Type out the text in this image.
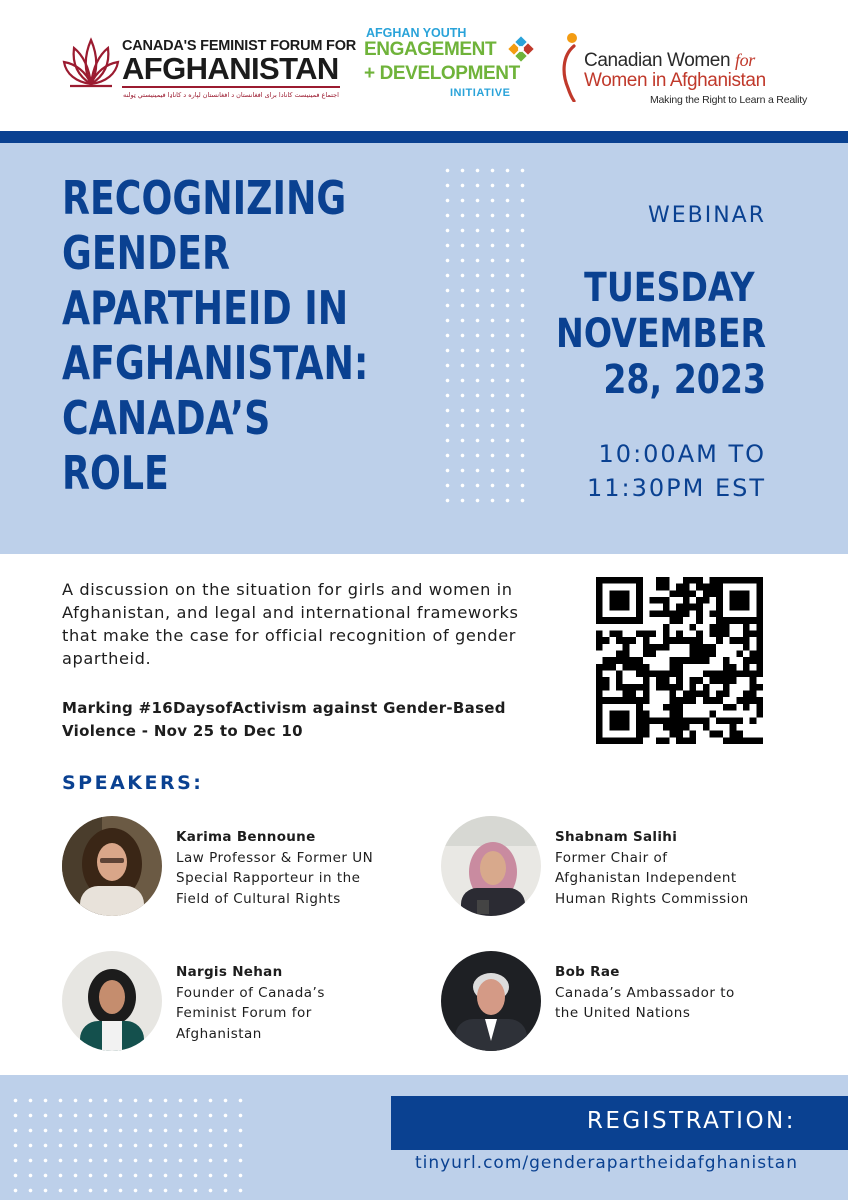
CANADA'S FEMINIST FORUM FOR
AFGHANISTAN
اجتماع فمینیست کانادا برای افغانستان د افغانستان لپاره د کاناډا فیمینیستي ټولنه
AFGHAN YOUTH
ENGAGEMENT
+ DEVELOPMENT
INITIATIVE
Canadian Women for
Women in Afghanistan
Making the Right to Learn a Reality
RECOGNIZING
GENDER
APARTHEID IN
AFGHANISTAN:
CANADA’S
ROLE
WEBINAR
TUESDAY
NOVEMBER
28, 2023
10:00AM TO
11:30PM EST

A discussion on the situation for girls and women in Afghanistan, and legal and international frameworks that make the case for official recognition of gender apartheid.

Marking #16DaysofActivism against Gender-Based Violence - Nov 25 to Dec 10

SPEAKERS:
Karima Bennoune
Law Professor & Former UN
Special Rapporteur in the
Field of Cultural Rights
Shabnam Salihi
Former Chair of
Afghanistan Independent
Human Rights Commission
Nargis Nehan
Founder of Canada’s
Feminist Forum for
Afghanistan
Bob Rae
Canada’s Ambassador to
the United Nations
REGISTRATION:
tinyurl.com/genderapartheidafghanistan
